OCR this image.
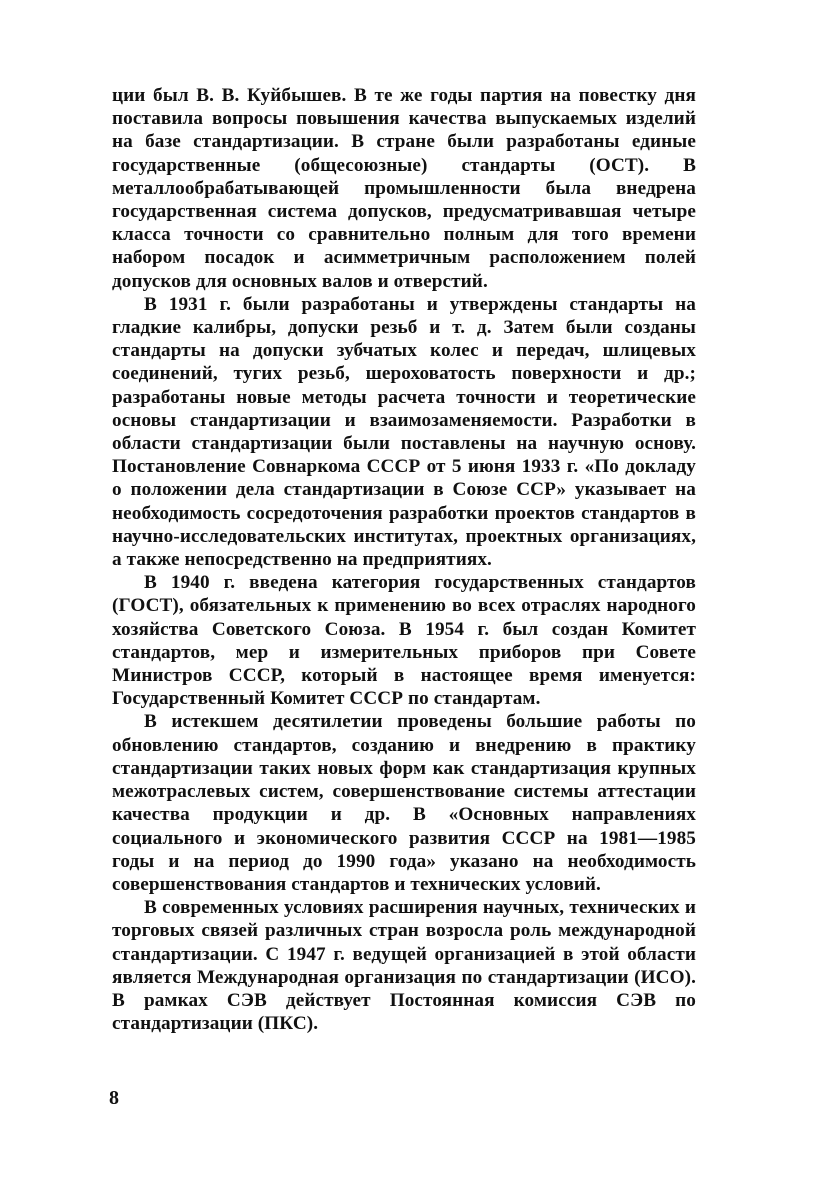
ции был В. В. Куйбышев. В те же годы партия на повестку дня поставила вопросы повышения качества выпускаемых изделий на базе стандартизации. В стране были разработаны единые государственные (общесоюзные) стандарты (ОСТ). В металлообрабатывающей промышленности была внедрена государственная система допусков, предусматривавшая четыре класса точности со сравнительно полным для того времени набором посадок и асимметричным расположением полей допусков для основных валов и отверстий.

В 1931 г. были разработаны и утверждены стандарты на гладкие калибры, допуски резьб и т. д. Затем были созданы стандарты на допуски зубчатых колес и передач, шлицевых соединений, тугих резьб, шероховатость поверхности и др.; разработаны новые методы расчета точности и теоретические основы стандартизации и взаимозаменяемости. Разработки в области стандартизации были поставлены на научную основу. Постановление Совнаркома СССР от 5 июня 1933 г. «По докладу о положении дела стандартизации в Союзе ССР» указывает на необходимость сосредоточения разработки проектов стандартов в научно-исследовательских институтах, проектных организациях, а также непосредственно на предприятиях.

В 1940 г. введена категория государственных стандартов (ГОСТ), обязательных к применению во всех отраслях народного хозяйства Советского Союза. В 1954 г. был создан Комитет стандартов, мер и измерительных приборов при Совете Министров СССР, который в настоящее время именуется: Государственный Комитет СССР по стандартам.

В истекшем десятилетии проведены большие работы по обновлению стандартов, созданию и внедрению в практику стандартизации таких новых форм как стандартизация крупных межотраслевых систем, совершенствование системы аттестации качества продукции и др. В «Основных направлениях социального и экономического развития СССР на 1981—1985 годы и на период до 1990 года» указано на необходимость совершенствования стандартов и технических условий.

В современных условиях расширения научных, технических и торговых связей различных стран возросла роль международной стандартизации. С 1947 г. ведущей организацией в этой области является Международная организация по стандартизации (ИСО). В рамках СЭВ действует Постоянная комиссия СЭВ по стандартизации (ПКС).

8
